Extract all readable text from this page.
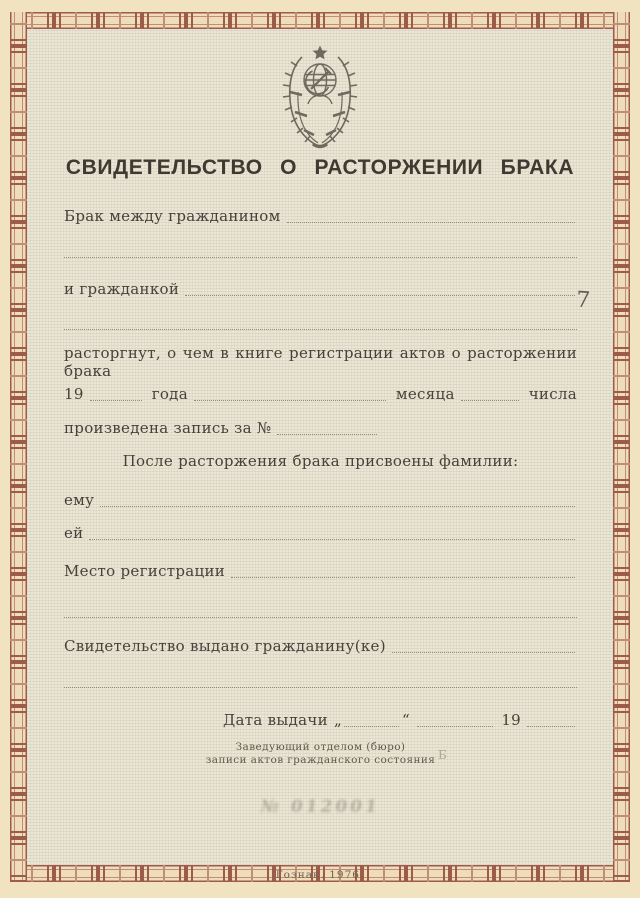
СВИДЕТЕЛЬСТВО О РАСТОРЖЕНИИ БРАКА
Брак между гражданином
и гражданкой
расторгнут, о чем в книге регистрации актов о расторжении брака
19	года	месяца	числа
произведена запись за №
После расторжения брака присвоены фамилии:
ему
ей
Место регистрации
Свидетельство выдано гражданину(ке)
Дата выдачи „	“	19
Заведующий отделом (бюро)
записи актов гражданского состояния
№ 012001
7
Б
Гознак. 1976.
